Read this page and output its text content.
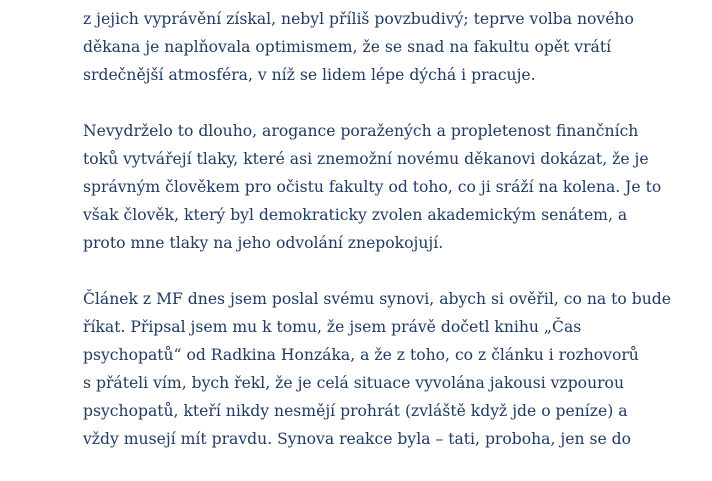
z jejich vyprávění získal, nebyl příliš povzbudivý; teprve volba nového
děkana je naplňovala optimismem, že se snad na fakultu opět vrátí
srdečnější atmosféra, v níž se lidem lépe dýchá i pracuje.

Nevydrželo to dlouho, arogance poražených a propletenost finančních
toků vytvářejí tlaky, které asi znemožní novému děkanovi dokázat, že je
správným člověkem pro očistu fakulty od toho, co ji sráží na kolena. Je to
však člověk, který byl demokraticky zvolen akademickým senátem, a
proto mne tlaky na jeho odvolání znepokojují.

Článek z MF dnes jsem poslal svému synovi, abych si ověřil, co na to bude
říkat. Připsal jsem mu k tomu, že jsem právě dočetl knihu „Čas
psychopatů“ od Radkina Honzáka, a že z toho, co z článku i rozhovorů
s přáteli vím, bych řekl, že je celá situace vyvolána jakousi vzpourou
psychopatů, kteří nikdy nesmějí prohrát (zvláště když jde o peníze) a
vždy musejí mít pravdu. Synova reakce byla – tati, proboha, jen se do
